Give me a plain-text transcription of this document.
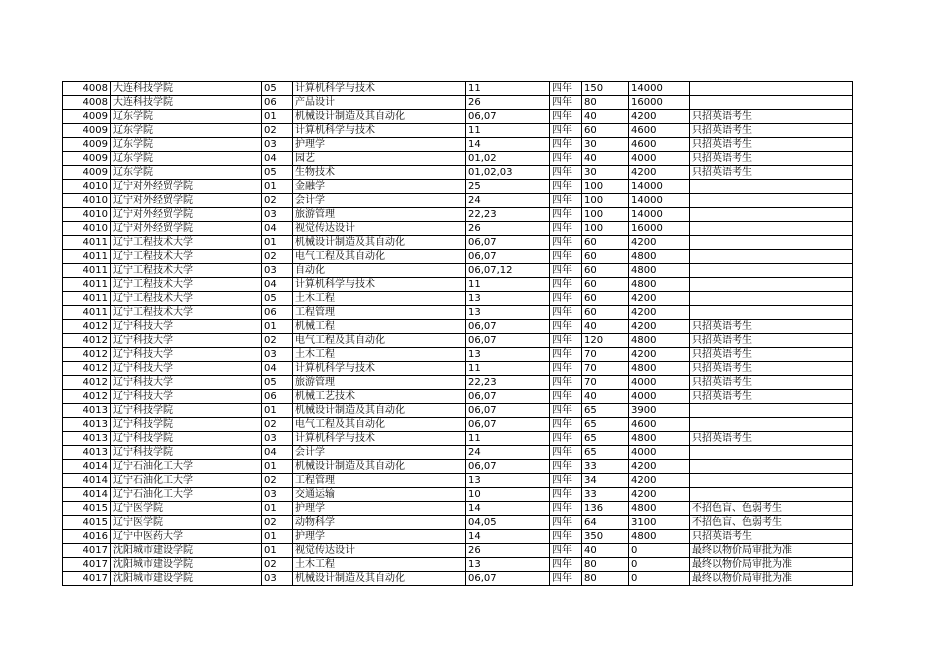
4008	大连科技学院	05	计算机科学与技术	11	四年	150	14000	
4008	大连科技学院	06	产品设计	26	四年	80	16000	
4009	辽东学院	01	机械设计制造及其自动化	06,07	四年	40	4200	只招英语考生
4009	辽东学院	02	计算机科学与技术	11	四年	60	4600	只招英语考生
4009	辽东学院	03	护理学	14	四年	30	4600	只招英语考生
4009	辽东学院	04	园艺	01,02	四年	40	4000	只招英语考生
4009	辽东学院	05	生物技术	01,02,03	四年	30	4200	只招英语考生
4010	辽宁对外经贸学院	01	金融学	25	四年	100	14000	
4010	辽宁对外经贸学院	02	会计学	24	四年	100	14000	
4010	辽宁对外经贸学院	03	旅游管理	22,23	四年	100	14000	
4010	辽宁对外经贸学院	04	视觉传达设计	26	四年	100	16000	
4011	辽宁工程技术大学	01	机械设计制造及其自动化	06,07	四年	60	4200	
4011	辽宁工程技术大学	02	电气工程及其自动化	06,07	四年	60	4800	
4011	辽宁工程技术大学	03	自动化	06,07,12	四年	60	4800	
4011	辽宁工程技术大学	04	计算机科学与技术	11	四年	60	4800	
4011	辽宁工程技术大学	05	土木工程	13	四年	60	4200	
4011	辽宁工程技术大学	06	工程管理	13	四年	60	4200	
4012	辽宁科技大学	01	机械工程	06,07	四年	40	4200	只招英语考生
4012	辽宁科技大学	02	电气工程及其自动化	06,07	四年	120	4800	只招英语考生
4012	辽宁科技大学	03	土木工程	13	四年	70	4200	只招英语考生
4012	辽宁科技大学	04	计算机科学与技术	11	四年	70	4800	只招英语考生
4012	辽宁科技大学	05	旅游管理	22,23	四年	70	4000	只招英语考生
4012	辽宁科技大学	06	机械工艺技术	06,07	四年	40	4000	只招英语考生
4013	辽宁科技学院	01	机械设计制造及其自动化	06,07	四年	65	3900	
4013	辽宁科技学院	02	电气工程及其自动化	06,07	四年	65	4600	
4013	辽宁科技学院	03	计算机科学与技术	11	四年	65	4800	只招英语考生
4013	辽宁科技学院	04	会计学	24	四年	65	4000	
4014	辽宁石油化工大学	01	机械设计制造及其自动化	06,07	四年	33	4200	
4014	辽宁石油化工大学	02	工程管理	13	四年	34	4200	
4014	辽宁石油化工大学	03	交通运输	10	四年	33	4200	
4015	辽宁医学院	01	护理学	14	四年	136	4800	不招色盲、色弱考生
4015	辽宁医学院	02	动物科学	04,05	四年	64	3100	不招色盲、色弱考生
4016	辽宁中医药大学	01	护理学	14	四年	350	4800	只招英语考生
4017	沈阳城市建设学院	01	视觉传达设计	26	四年	40	0	最终以物价局审批为准
4017	沈阳城市建设学院	02	土木工程	13	四年	80	0	最终以物价局审批为准
4017	沈阳城市建设学院	03	机械设计制造及其自动化	06,07	四年	80	0	最终以物价局审批为准
